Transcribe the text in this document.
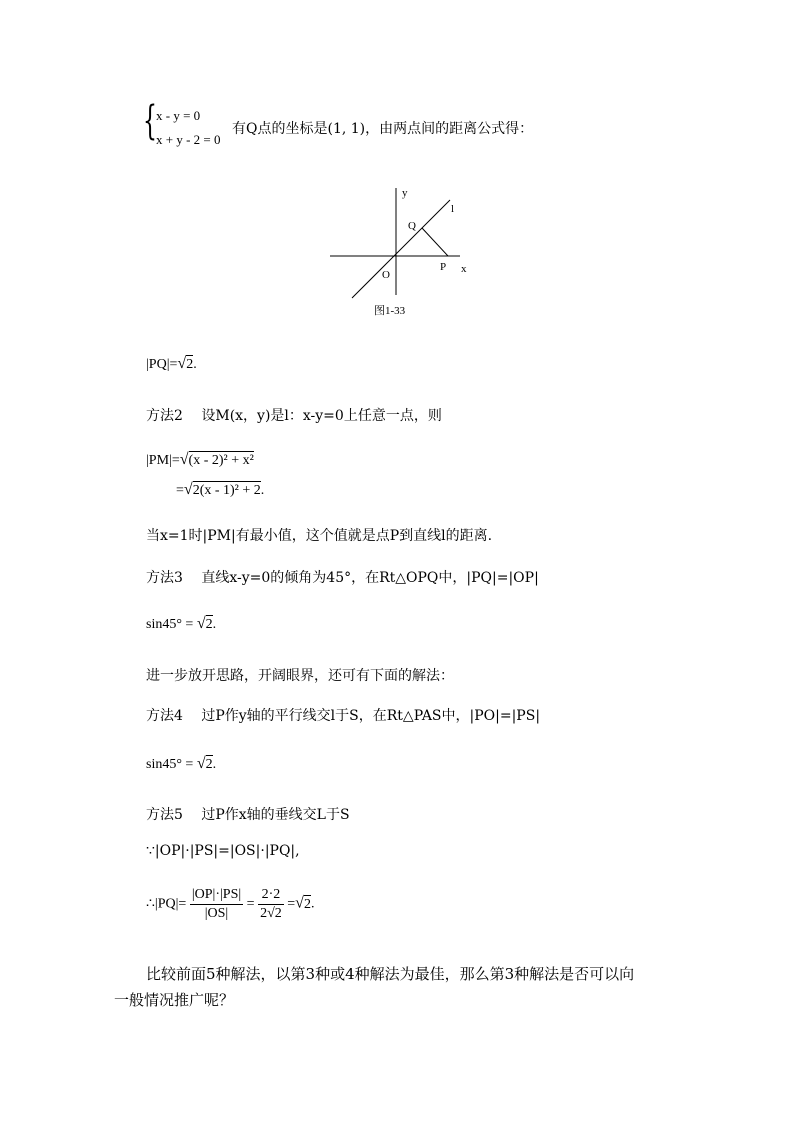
{ x - y = 0
x + y - 2 = 0
有Q点的坐标是(1, 1)，由两点间的距离公式得：
y
l
Q
O
P x
图1-33
|PQ|=√2.
方法2　 设M(x，y)是l：x-y=0上任意一点，则
|PM|=√(x - 2)² + x²
=√2(x - 1)² + 2.
当x=1时|PM|有最小值，这个值就是点P到直线l的距离.
方法3　 直线x-y=0的倾角为45°，在Rt△OPQ中，|PQ|=|OP|
sin45° = √2.
进一步放开思路，开阔眼界，还可有下面的解法：
方法4　 过P作y轴的平行线交l于S，在Rt△PAS中，|PO|=|PS|
sin45° = √2.
方法5　 过P作x轴的垂线交L于S
∵|OP|·|PS|=|OS|·|PQ|,
∴|PQ|= $\frac{|OP|\cdot|PS|}{|OS|} = \frac{2\cdot 2}{2√2} =√2$.
比较前面5种解法，以第3种或4种解法为最佳，那么第3种解法是否可以向
一般情况推广呢？
